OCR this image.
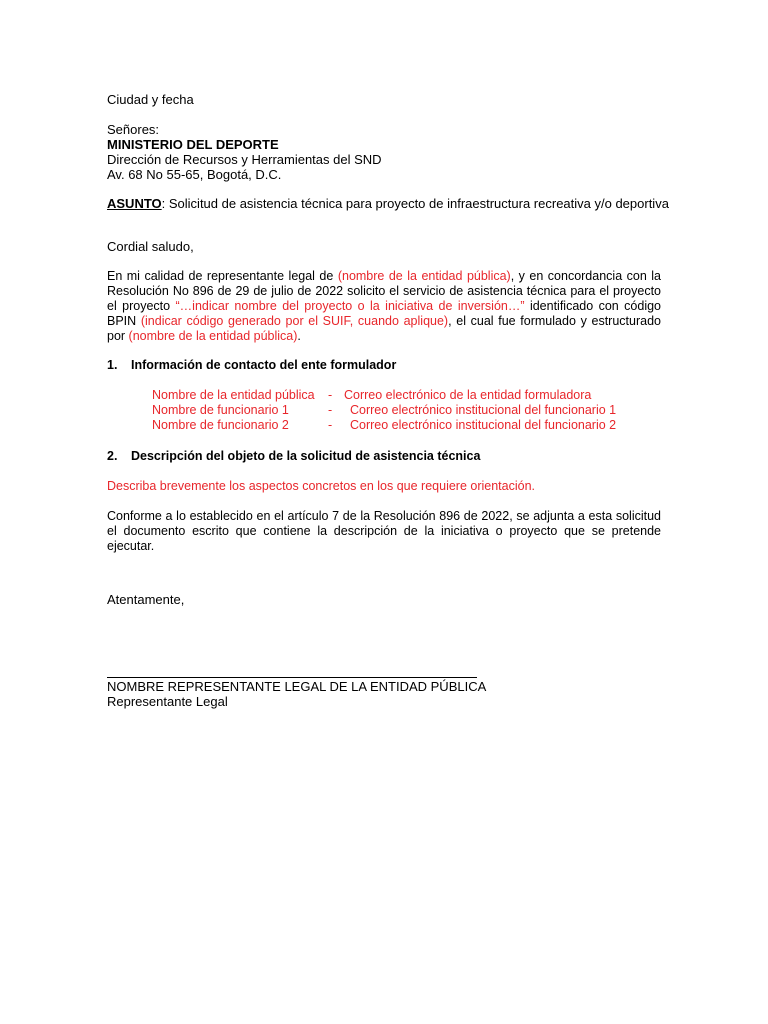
Ciudad y fecha
Señores:
MINISTERIO DEL DEPORTE
Dirección de Recursos y Herramientas del SND
Av. 68 No 55-65, Bogotá, D.C.
ASUNTO: Solicitud de asistencia técnica para proyecto de infraestructura recreativa y/o deportiva
Cordial saludo,
En mi calidad de representante legal de (nombre de la entidad pública), y en concordancia con la Resolución No 896 de 29 de julio de 2022 solicito el servicio de asistencia técnica para el proyecto el proyecto “…indicar nombre del proyecto o la iniciativa de inversión…” identificado con código BPIN (indicar código generado por el SUIF, cuando aplique), el cual fue formulado y estructurado por (nombre de la entidad pública).
1.	Información de contacto del ente formulador
Nombre de la entidad pública	- Correo electrónico de la entidad formuladora
Nombre de funcionario 1	-	Correo electrónico institucional del funcionario 1
Nombre de funcionario 2	-	Correo electrónico institucional del funcionario 2
2.	Descripción del objeto de la solicitud de asistencia técnica
Describa brevemente los aspectos concretos en los que requiere orientación.
Conforme a lo establecido en el artículo 7 de la Resolución 896 de 2022, se adjunta a esta solicitud el documento escrito que contiene la descripción de la iniciativa o proyecto que se pretende ejecutar.
Atentamente,
NOMBRE REPRESENTANTE LEGAL DE LA ENTIDAD PÚBLICA
Representante Legal
